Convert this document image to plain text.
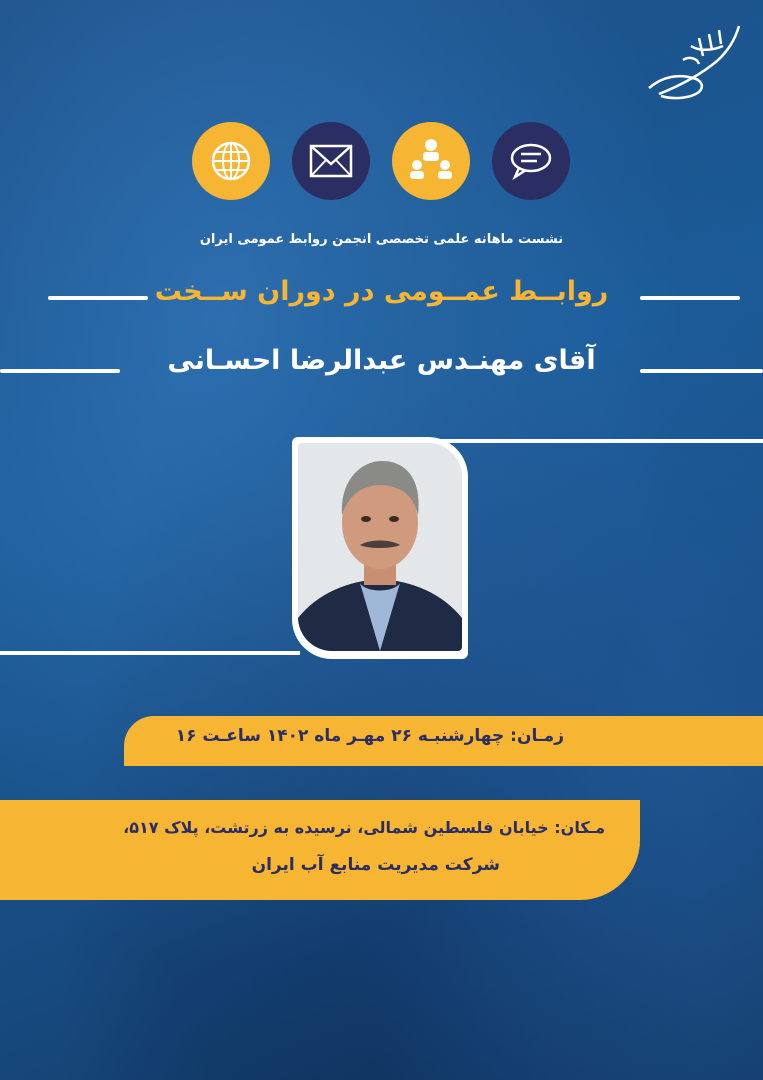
نشست ماهانه علمی تخصصی انجمن روابط عمومی ایران
روابــط عمــومی در دوران ســخت
آقای مهنـدس عبدالرضا احسـانی
زمـان: چهارشنبـه ۲۶ مهـر ماه ۱۴۰۲ ساعـت ۱۶
مـکان: خیابان فلسطین شمالی، نرسیده به زرتشت، پلاک ۵۱۷،
شرکت مدیریت منابع آب ایران
